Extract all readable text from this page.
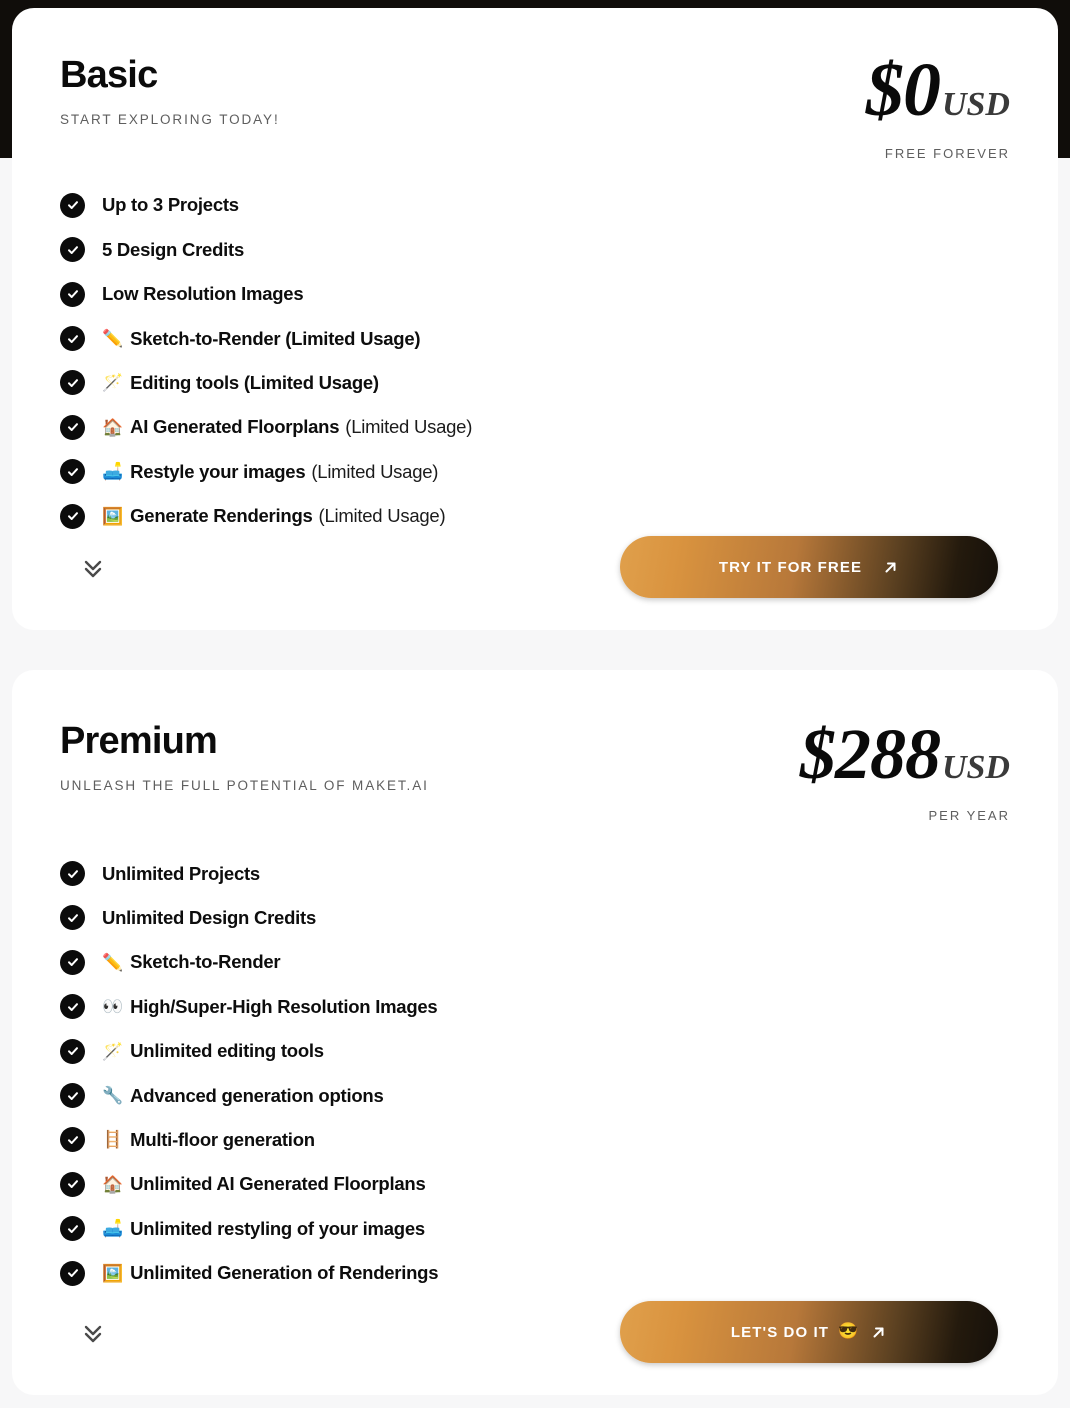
Basic
START EXPLORING TODAY!	$0 USD
FREE FOREVER
Up to 3 Projects
5 Design Credits
Low Resolution Images
✏️ Sketch-to-Render (Limited Usage)
🪄 Editing tools (Limited Usage)
🏠 AI Generated Floorplans (Limited Usage)
🛋️ Restyle your images (Limited Usage)
🖼️ Generate Renderings (Limited Usage)
TRY IT FOR FREE
Premium
UNLEASH THE FULL POTENTIAL OF MAKET.AI	$288 USD
PER YEAR
Unlimited Projects
Unlimited Design Credits
✏️ Sketch-to-Render
👀 High/Super-High Resolution Images
🪄 Unlimited editing tools
🔧 Advanced generation options
🪜 Multi-floor generation
🏠 Unlimited AI Generated Floorplans
🛋️ Unlimited restyling of your images
🖼️ Unlimited Generation of Renderings
LET'S DO IT 😎
